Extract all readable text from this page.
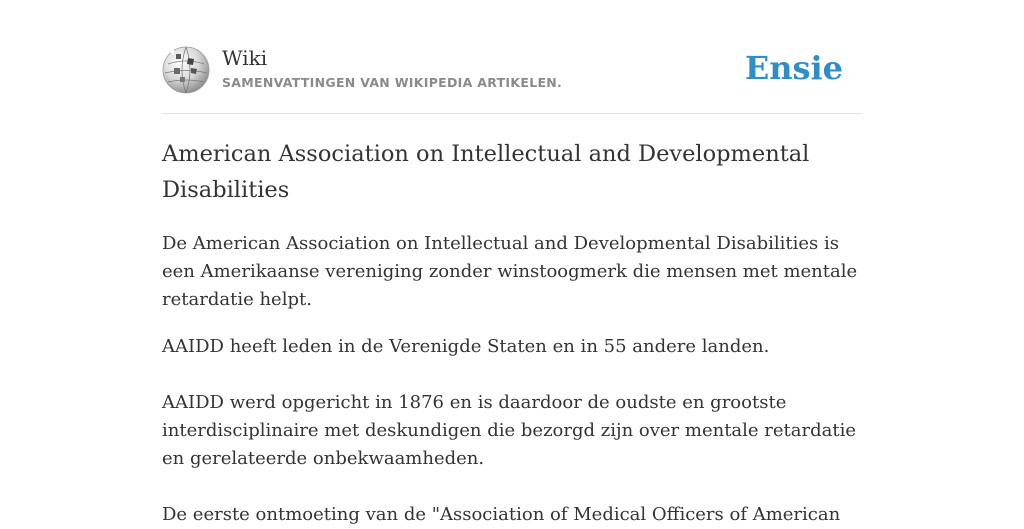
Wiki
SAMENVATTINGEN VAN WIKIPEDIA ARTIKELEN.	Ensie
American Association on Intellectual and Developmental Disabilities

De American Association on Intellectual and Developmental Disabilities is een Amerikaanse vereniging zonder winstoogmerk die mensen met mentale retardatie helpt.

AAIDD heeft leden in de Verenigde Staten en in 55 andere landen.

AAIDD werd opgericht in 1876 en is daardoor de oudste en grootste interdisciplinaire met deskundigen die bezorgd zijn over mentale retardatie en gerelateerde onbekwaamheden.

De eerste ontmoeting van de "Association of Medical Officers of American
